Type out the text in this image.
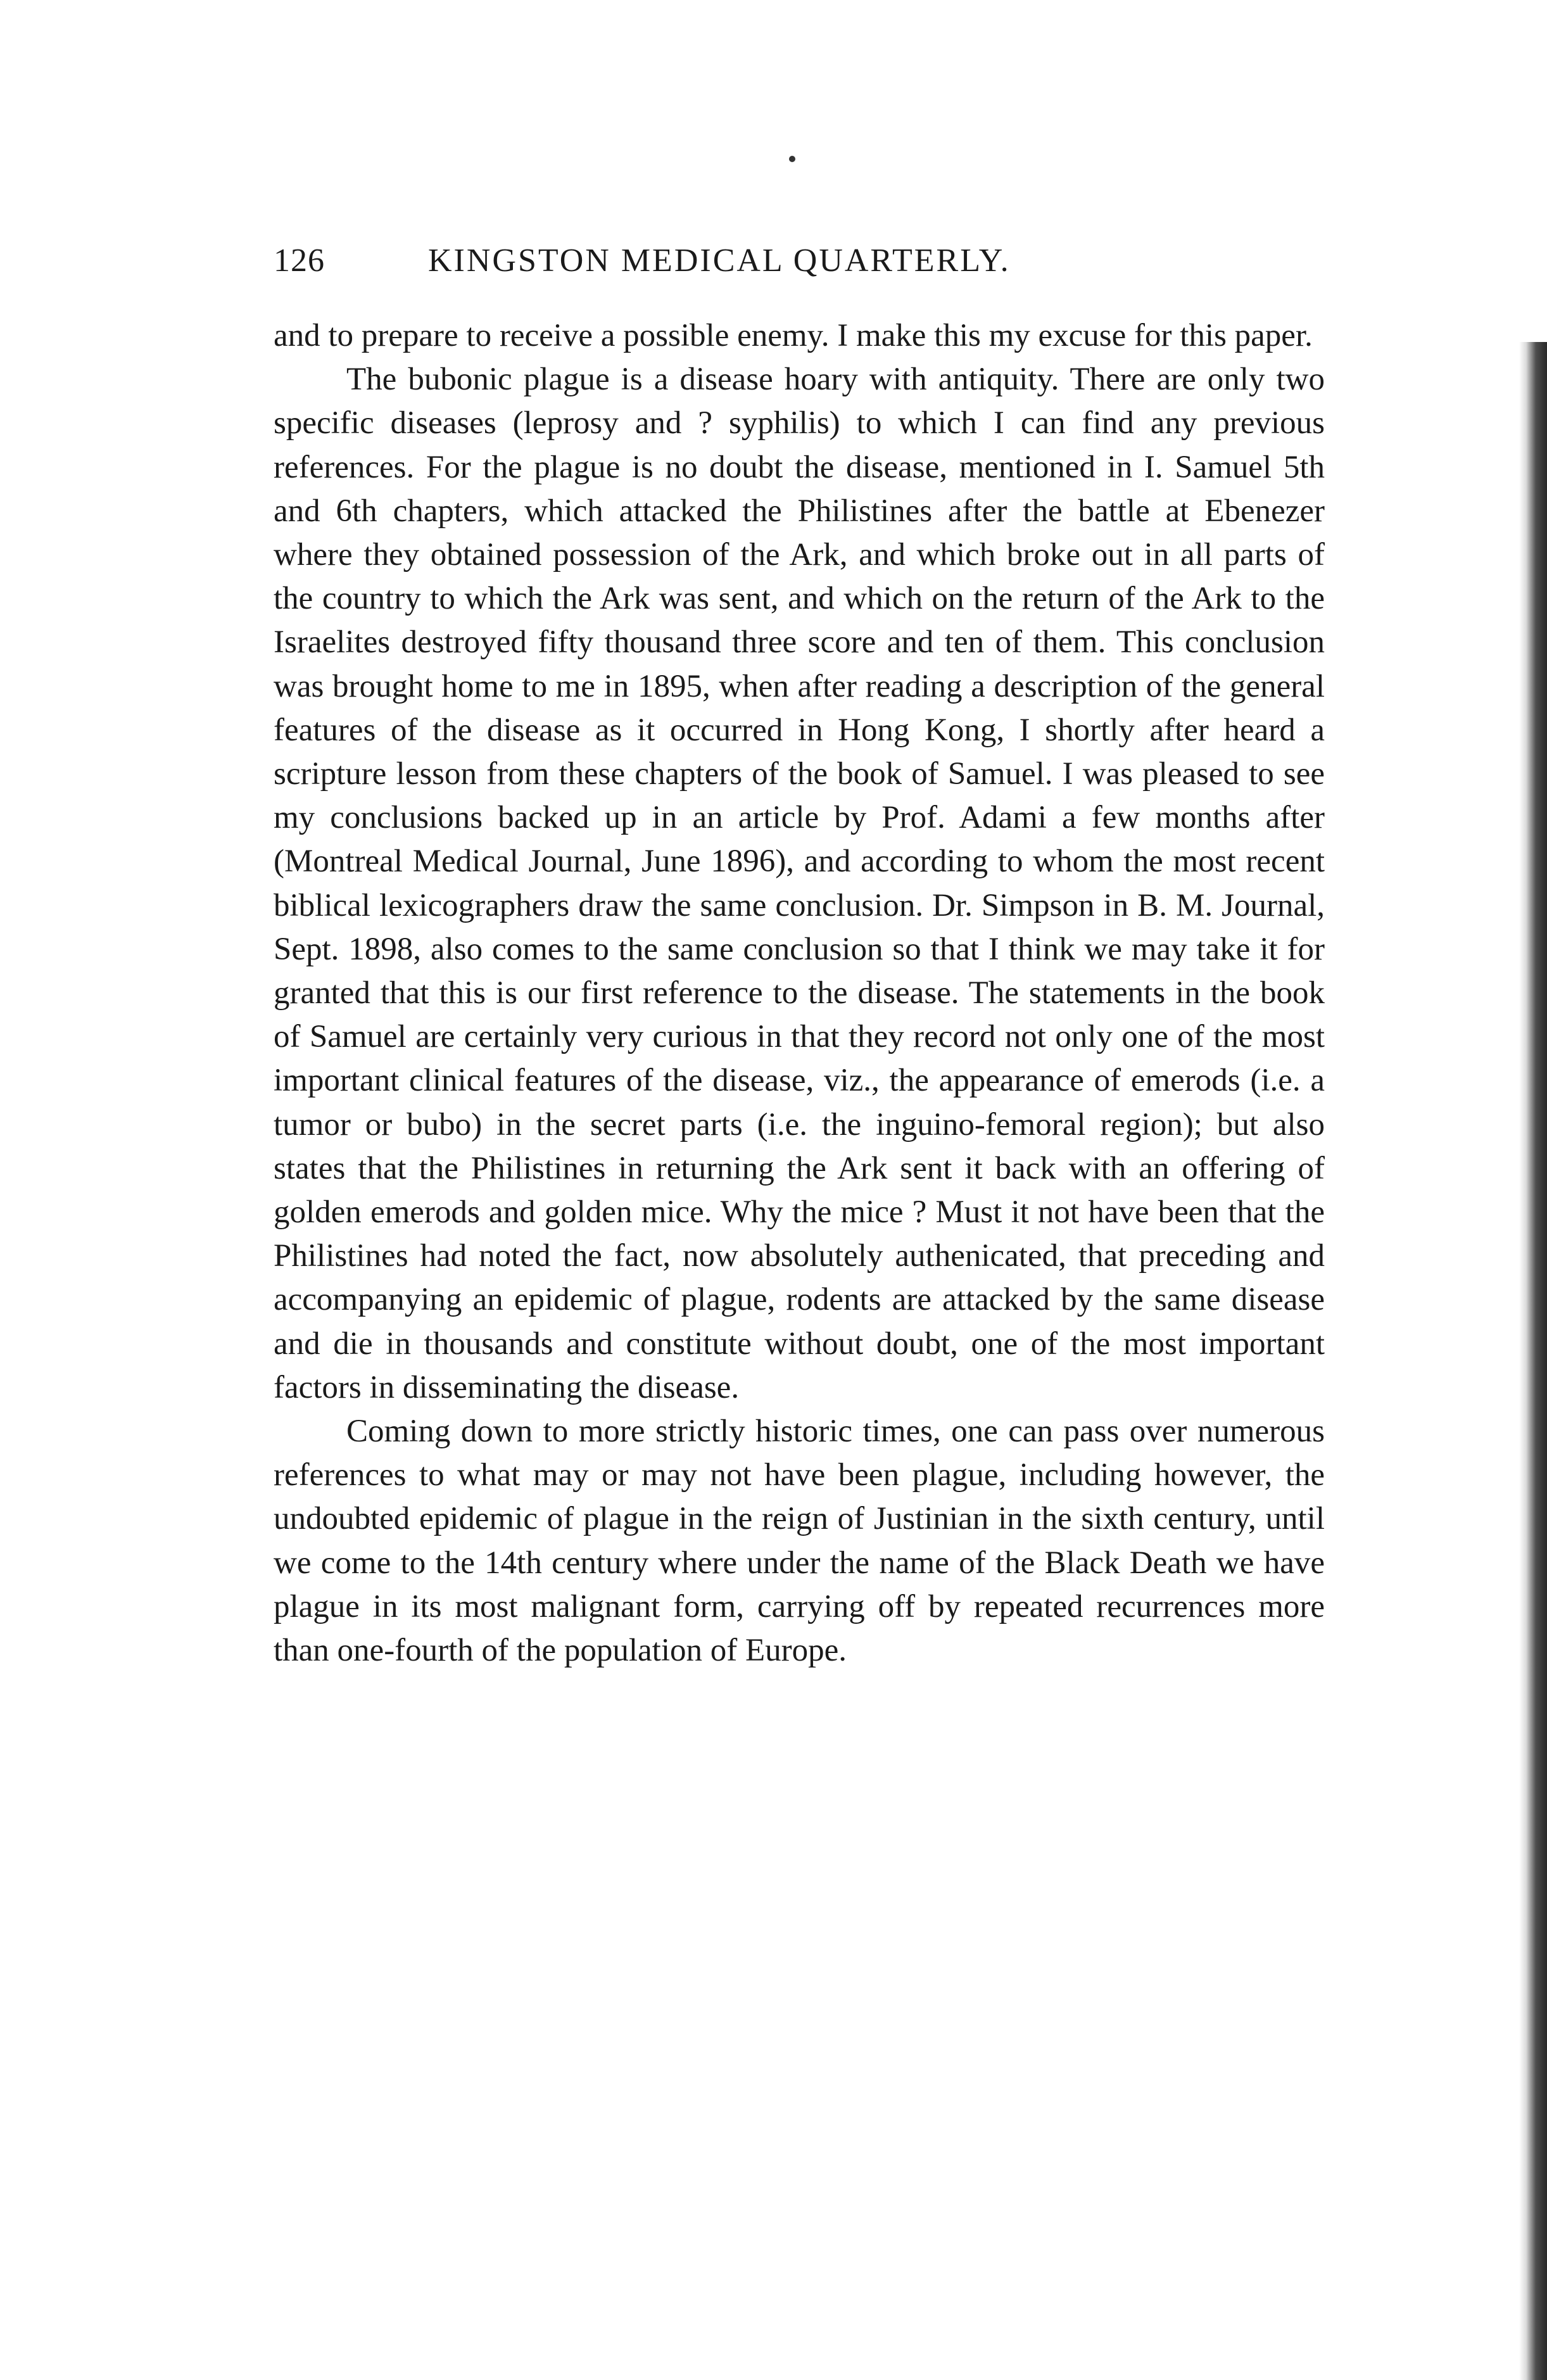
126	KINGSTON MEDICAL QUARTERLY.

and to prepare to receive a possible enemy. I make this my excuse for this paper.

The bubonic plague is a disease hoary with antiquity. There are only two specific diseases (leprosy and ? syphilis) to which I can find any previous references. For the plague is no doubt the disease, mentioned in I. Samuel 5th and 6th chapters, which attacked the Philistines after the battle at Ebenezer where they obtained possession of the Ark, and which broke out in all parts of the country to which the Ark was sent, and which on the return of the Ark to the Israelites destroyed fifty thousand three score and ten of them. This conclusion was brought home to me in 1895, when after reading a description of the general features of the disease as it occurred in Hong Kong, I shortly after heard a scripture lesson from these chapters of the book of Samuel. I was pleased to see my conclusions backed up in an article by Prof. Adami a few months after (Montreal Medical Journal, June 1896), and according to whom the most recent biblical lexicographers draw the same conclusion. Dr. Simpson in B. M. Journal, Sept. 1898, also comes to the same conclusion so that I think we may take it for granted that this is our first reference to the disease. The statements in the book of Samuel are certainly very curious in that they record not only one of the most important clinical features of the disease, viz., the appearance of emerods (i.e. a tumor or bubo) in the secret parts (i.e. the inguino-femoral region); but also states that the Philistines in returning the Ark sent it back with an offering of golden emerods and golden mice. Why the mice ? Must it not have been that the Philistines had noted the fact, now absolutely authenicated, that preceding and accompanying an epidemic of plague, rodents are attacked by the same disease and die in thousands and constitute without doubt, one of the most important factors in disseminating the disease.

Coming down to more strictly historic times, one can pass over numerous references to what may or may not have been plague, including however, the undoubted epidemic of plague in the reign of Justinian in the sixth century, until we come to the 14th century where under the name of the Black Death we have plague in its most malignant form, carrying off by repeated recurrences more than one-fourth of the population of Europe.
